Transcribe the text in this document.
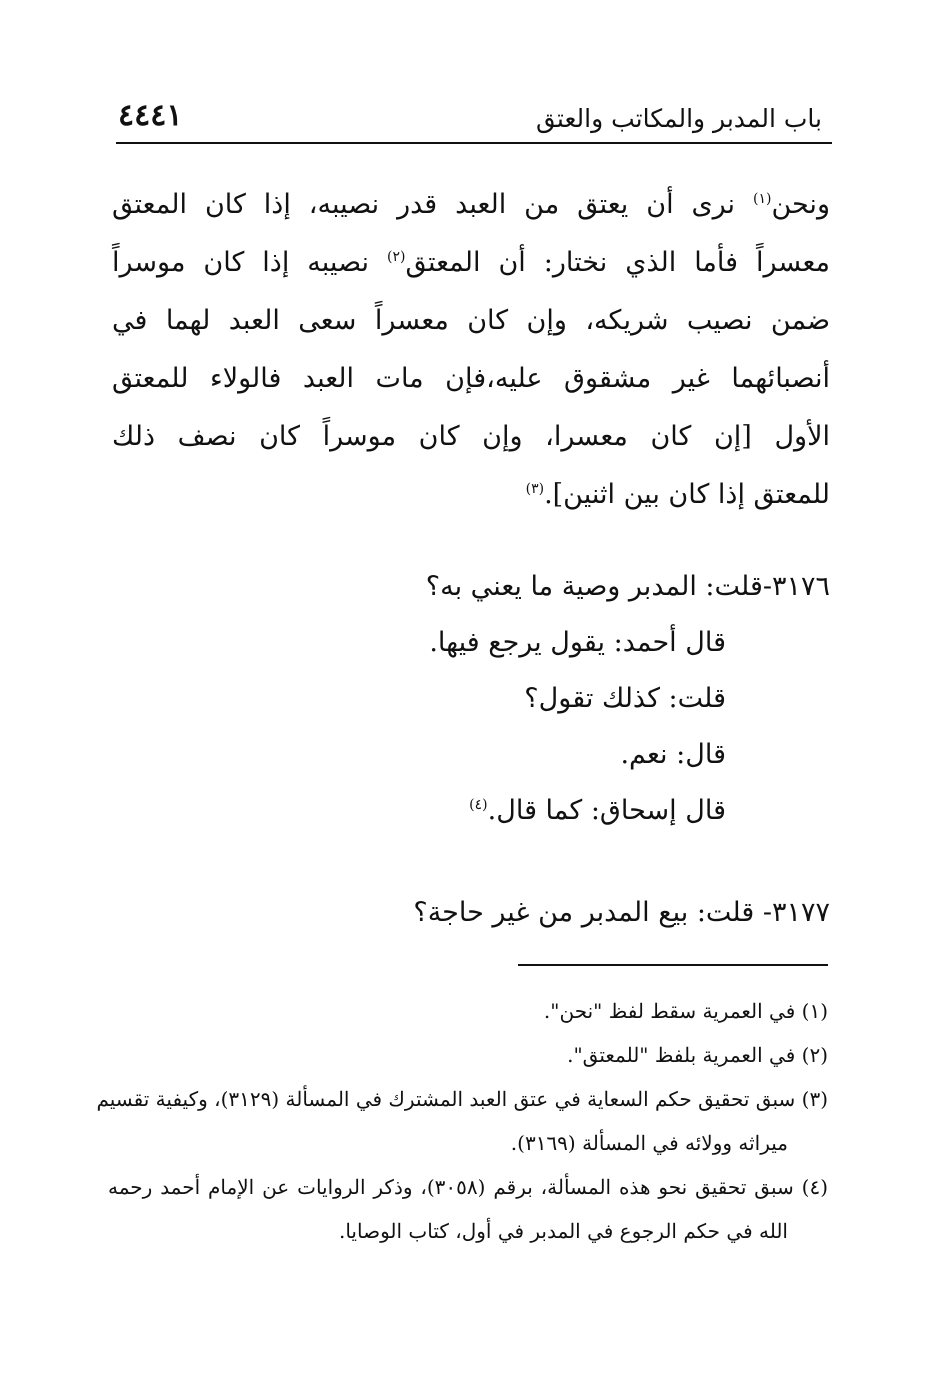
باب المدبر والمكاتب والعتق
٤٤٤١
ونحن$^{(١)}$ نرى أن يعتق من العبد قدر نصيبه، إذا كان المعتق
معسراً فأما الذي نختار: أن المعتق$^{(٢)}$ نصيبه إذا كان موسراً
ضمن نصيب شريكه، وإن كان معسراً سعى العبد لهما في
أنصبائهما غير مشقوق عليه،فإن مات العبد فالولاء للمعتق
الأول [إن كان معسرا، وإن كان موسراً كان نصف ذلك
للمعتق إذا كان بين اثنين].$^{(٣)}$
٣١٧٦-قلت: المدبر وصية ما يعني به؟
قال أحمد: يقول يرجع فيها.
قلت: كذلك تقول؟
قال: نعم.
قال إسحاق: كما قال.$^{(٤)}$
٣١٧٧- قلت: بيع المدبر من غير حاجة؟
(١) في العمرية سقط لفظ "نحن".
(٢) في العمرية بلفظ "للمعتق".
(٣) سبق تحقيق حكم السعاية في عتق العبد المشترك في المسألة (٣١٢٩)، وكيفية تقسيم
ميراثه وولائه في المسألة (٣١٦٩).
(٤) سبق تحقيق نحو هذه المسألة، برقم (٣٠٥٨)، وذكر الروايات عن الإمام أحمد رحمه
الله في حكم الرجوع في المدبر في أول، كتاب الوصايا.
